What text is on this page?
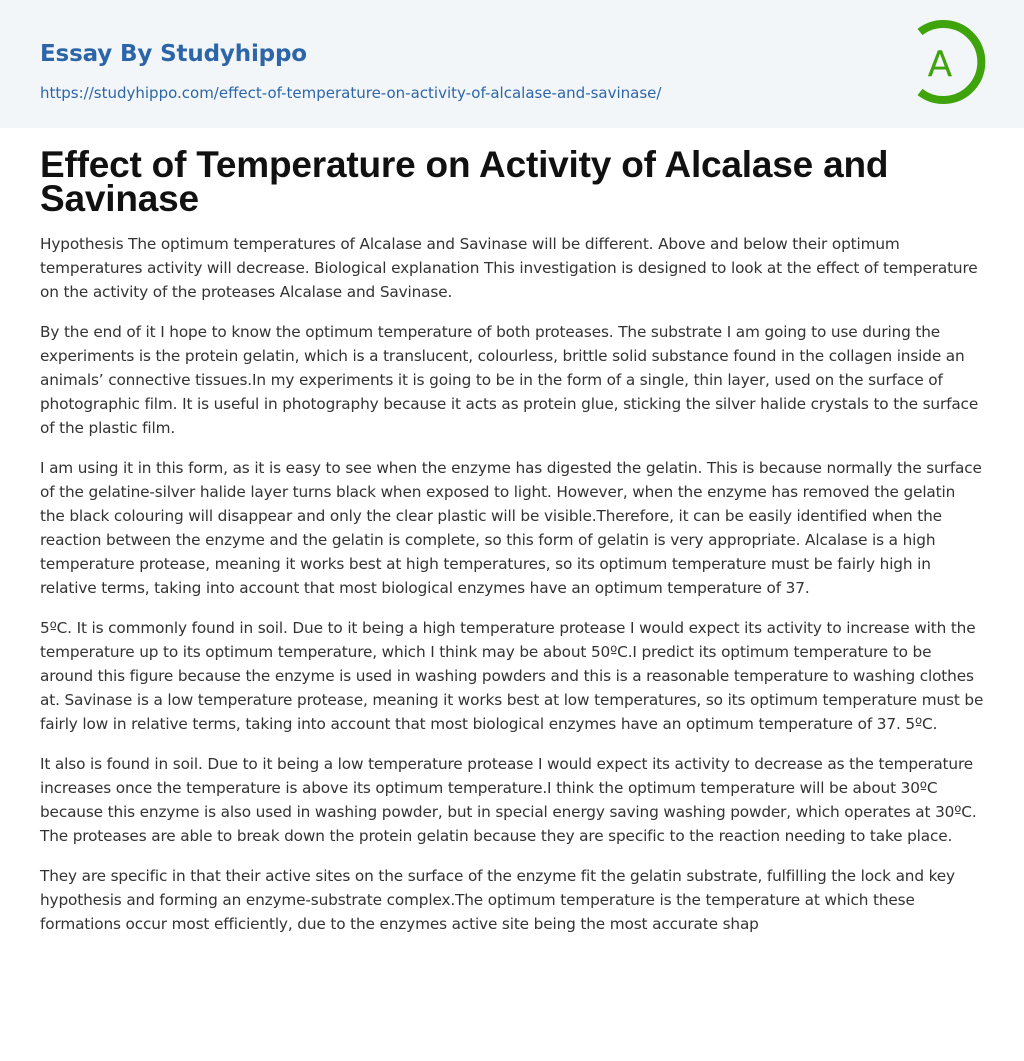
Essay By Studyhippo

https://studyhippo.com/effect-of-temperature-on-activity-of-alcalase-and-savinase/
A
Effect of Temperature on Activity of Alcalase and Savinase

Hypothesis The optimum temperatures of Alcalase and Savinase will be different. Above and below their optimum temperatures activity will decrease. Biological explanation This investigation is designed to look at the effect of temperature on the activity of the proteases Alcalase and Savinase.

By the end of it I hope to know the optimum temperature of both proteases. The substrate I am going to use during the experiments is the protein gelatin, which is a translucent, colourless, brittle solid substance found in the collagen inside an animals’ connective tissues.In my experiments it is going to be in the form of a single, thin layer, used on the surface of photographic film. It is useful in photography because it acts as protein glue, sticking the silver halide crystals to the surface of the plastic film.

I am using it in this form, as it is easy to see when the enzyme has digested the gelatin. This is because normally the surface of the gelatine-silver halide layer turns black when exposed to light. However, when the enzyme has removed the gelatin the black colouring will disappear and only the clear plastic will be visible.Therefore, it can be easily identified when the reaction between the enzyme and the gelatin is complete, so this form of gelatin is very appropriate. Alcalase is a high temperature protease, meaning it works best at high temperatures, so its optimum temperature must be fairly high in relative terms, taking into account that most biological enzymes have an optimum temperature of 37.

5ºC. It is commonly found in soil. Due to it being a high temperature protease I would expect its activity to increase with the temperature up to its optimum temperature, which I think may be about 50ºC.I predict its optimum temperature to be around this figure because the enzyme is used in washing powders and this is a reasonable temperature to washing clothes at. Savinase is a low temperature protease, meaning it works best at low temperatures, so its optimum temperature must be fairly low in relative terms, taking into account that most biological enzymes have an optimum temperature of 37. 5ºC.

It also is found in soil. Due to it being a low temperature protease I would expect its activity to decrease as the temperature increases once the temperature is above its optimum temperature.I think the optimum temperature will be about 30ºC because this enzyme is also used in washing powder, but in special energy saving washing powder, which operates at 30ºC. The proteases are able to break down the protein gelatin because they are specific to the reaction needing to take place.

They are specific in that their active sites on the surface of the enzyme fit the gelatin substrate, fulfilling the lock and key hypothesis and forming an enzyme-substrate complex.The optimum temperature is the temperature at which these formations occur most efficiently, due to the enzymes active site being the most accurate shap
